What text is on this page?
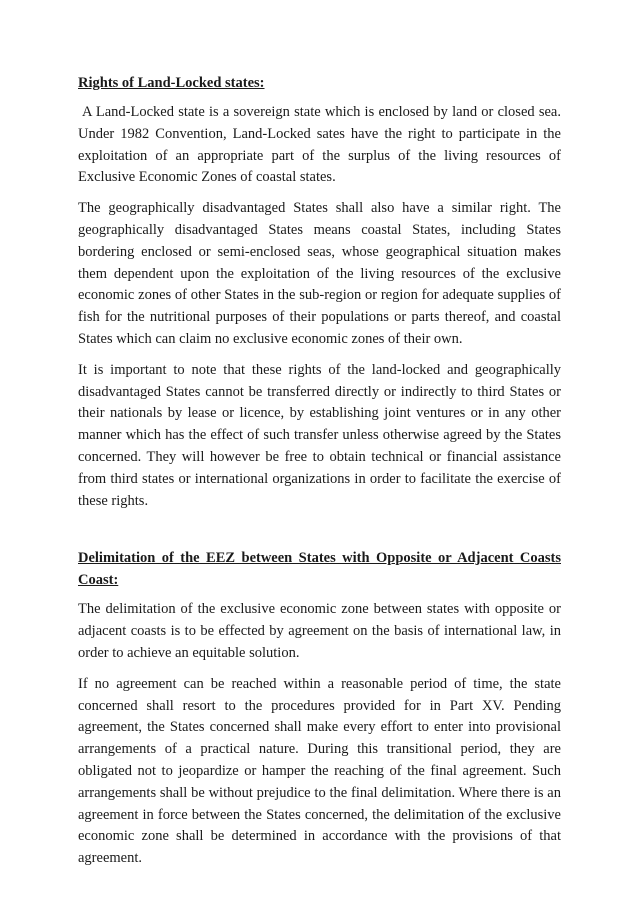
Rights of Land-Locked states:

A Land-Locked state is a sovereign state which is enclosed by land or closed sea. Under 1982 Convention, Land-Locked sates have the right to participate in the exploitation of an appropriate part of the surplus of the living resources of Exclusive Economic Zones of coastal states.

The geographically disadvantaged States shall also have a similar right. The geographically disadvantaged States means coastal States, including States bordering enclosed or semi-enclosed seas, whose geographical situation makes them dependent upon the exploitation of the living resources of the exclusive economic zones of other States in the sub-region or region for adequate supplies of fish for the nutritional purposes of their populations or parts thereof, and coastal States which can claim no exclusive economic zones of their own.

It is important to note that these rights of the land-locked and geographically disadvantaged States cannot be transferred directly or indirectly to third States or their nationals by lease or licence, by establishing joint ventures or in any other manner which has the effect of such transfer unless otherwise agreed by the States concerned. They will however be free to obtain technical or financial assistance from third states or international organizations in order to facilitate the exercise of these rights.

Delimitation of the EEZ between States with Opposite or Adjacent Coasts Coast:

The delimitation of the exclusive economic zone between states with opposite or adjacent coasts is to be effected by agreement on the basis of international law, in order to achieve an equitable solution.

If no agreement can be reached within a reasonable period of time, the state concerned shall resort to the procedures provided for in Part XV. Pending agreement, the States concerned shall make every effort to enter into provisional arrangements of a practical nature. During this transitional period, they are obligated not to jeopardize or hamper the reaching of the final agreement. Such arrangements shall be without prejudice to the final delimitation. Where there is an agreement in force between the States concerned, the delimitation of the exclusive economic zone shall be determined in accordance with the provisions of that agreement.
